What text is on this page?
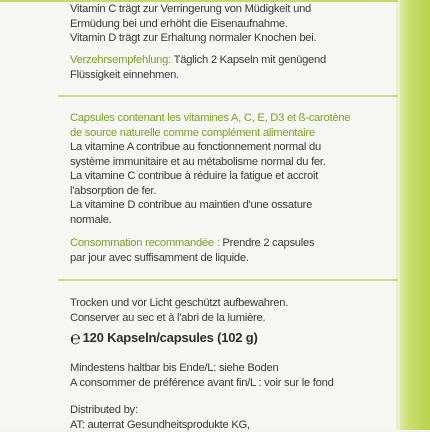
Vitamin C trägt zur Verringerung von Müdigkeit und
Ermüdung bei und erhöht die Eisenaufnahme.
Vitamin D trägt zur Erhaltung normaler Knochen bei.
Verzehrsempfehlung: Täglich 2 Kapseln mit genügend
Flüssigkeit einnehmen.
Capsules contenant les vitamines A, C, E, D3 et ß-carotène
de source naturelle comme complément alimentaire
La vitamine A contribue au fonctionnement normal du
système immunitaire et au métabolisme normal du fer.
La vitamine C contribue à réduire la fatigue et accroit
l'absorption de fer.
La vitamine D contribue au maintien d'une ossature
normale.
Consommation recommandée : Prendre 2 capsules
par jour avec suffisamment de liquide.
Trocken und vor Licht geschützt aufbewahren.
Conserver au sec et à l'abri de la lumière.
℮ 120 Kapseln/capsules (102 g)
Mindestens haltbar bis Ende/L: siehe Boden
A consommer de préférence avant fin/L : voir sur le fond
Distributed by:
AT: auterrat Gesundheitsprodukte KG,
